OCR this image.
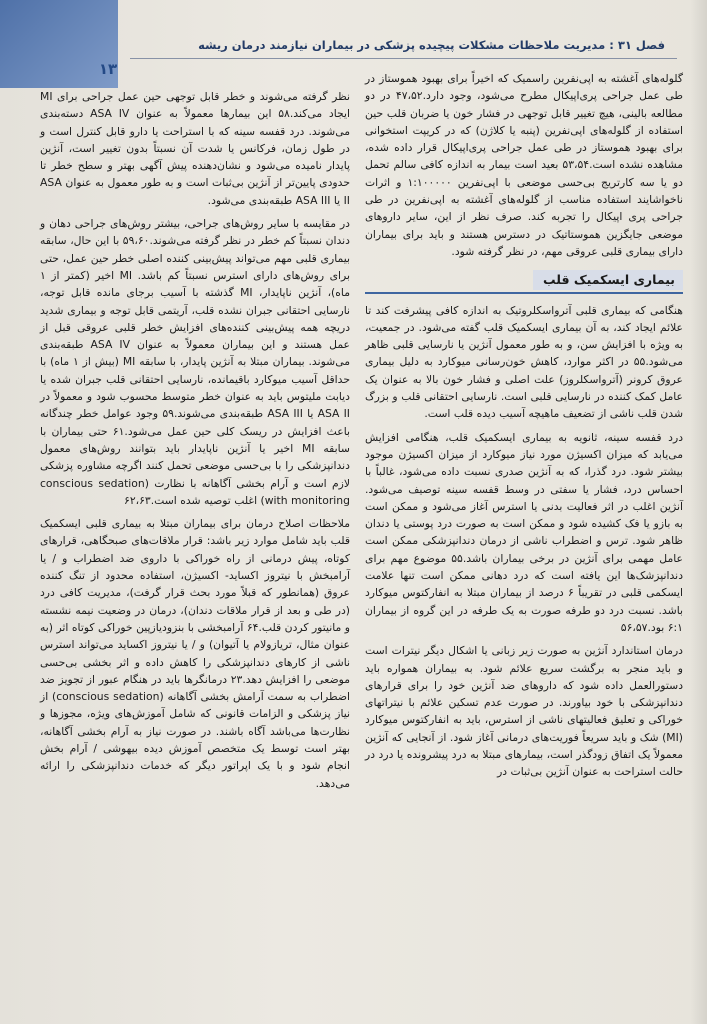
۱۳
فصل ۳۱ : مدیریت ملاحظات مشکلات پیچیده پزشکی در بیماران نیازمند درمان ریشه

گلوله‌های آغشته به اپی‌نفرین راسمیک که اخیراً برای بهبود هموستاز در طی عمل جراحی پری‌اپیکال مطرح می‌شود، وجود دارد.۴۷،۵۲ در دو مطالعه بالینی، هیچ تغییر قابل توجهی در فشار خون یا ضربان قلب حین استفاده از گلوله‌های اپی‌نفرین (پنبه یا کلاژن) که در کریپت استخوانی برای بهبود هموستاز در طی عمل جراحی پری‌اپیکال قرار داده شده، مشاهده نشده است.۵۳،۵۴ بعید است بیمار به اندازه کافی سالم تحمل دو یا سه کارتریج بی‌حسی موضعی با اپی‌نفرین ۱:۱۰۰۰۰۰ و اثرات ناخواشایند استفاده مناسب از گلوله‌های آغشته به اپی‌نفرین در طی جراحی پری اپیکال را تجربه کند. صرف نظر از این، سایر داروهای موضعی جایگزین هموستاتیک در دسترس هستند و باید برای بیماران دارای بیماری قلبی عروقی مهم، در نظر گرفته شود.

بیماری ایسکمیک قلب

هنگامی که بیماری قلبی آترواسکلروتیک به اندازه کافی پیشرفت کند تا علائم ایجاد کند، به آن بیماری ایسکمیک قلب گفته می‌شود. در جمعیت، به ویژه با افزایش سن، و به طور معمول آنژین یا نارسایی قلبی ظاهر می‌شود.۵۵ در اکثر موارد، کاهش خون‌رسانی میوکارد به دلیل بیماری عروق کرونر (آترواسکلروز) علت اصلی و فشار خون بالا به عنوان یک عامل کمک کننده در نارسایی قلبی است. نارسایی احتقانی قلب و بزرگ شدن قلب ناشی از تضعیف ماهیچه آسیب دیده قلب است.

درد قفسه سینه، ثانویه به بیماری ایسکمیک قلب، هنگامی افزایش می‌یابد که میزان اکسیژن مورد نیاز میوکارد از میزان اکسیژن موجود بیشتر شود. درد گذرا، که به آنژین صدری نسبت داده می‌شود، غالباً با احساس درد، فشار یا سفتی در وسط قفسه سینه توصیف می‌شود. آنژین اغلب در اثر فعالیت بدنی یا استرس آغاز می‌شود و ممکن است به بازو یا فک کشیده شود و ممکن است به صورت درد پوستی یا دندان ظاهر شود. ترس و اضطراب ناشی از درمان دندانپزشکی ممکن است عامل مهمی برای آنژین در برخی بیماران باشد.۵۵ موضوع مهم برای دندانپزشک‌ها این یافته است که درد دهانی ممکن است تنها علامت ایسکمی قلبی در تقریباً ۶ درصد از بیماران مبتلا به انفارکتوس میوکارد باشد. نسبت درد دو طرفه صورت به یک طرفه در این گروه از بیماران ۶:۱ بود.۵۶،۵۷

درمان استاندارد آنژین به صورت زیر زبانی یا اشکال دیگر نیترات است و باید منجر به برگشت سریع علائم شود. به بیماران همواره باید دستورالعمل داده شود که داروهای ضد آنژین خود را برای قرارهای دندانپزشکی با خود بیاورند. در صورت عدم تسکین علائم با نیتراتهای خوراکی و تعلیق فعالیتهای ناشی از استرس، باید به انفارکتوس میوکارد (MI) شک و باید سریعاً فوریت‌های درمانی آغاز شود. از آنجایی که آنژین معمولاً یک اتفاق زودگذر است، بیمارهای مبتلا به درد پیشرونده یا درد در حالت استراحت به عنوان آنژین بی‌ثبات در

نظر گرفته می‌شوند و خطر قابل توجهی حین عمل جراحی برای MI ایجاد می‌کند.۵۸ این بیمارها معمولاً به عنوان ASA IV دسته‌بندی می‌شوند. درد قفسه سینه که با استراحت یا دارو قابل کنترل است و در طول زمان، فرکانس یا شدت آن نسبتاً بدون تغییر است، آنژین پایدار نامیده می‌شود و نشان‌دهنده پیش آگهی بهتر و سطح خطر تا حدودی پایین‌تر از آنژین بی‌ثبات است و به طور معمول به عنوان ASA II یا ASA III طبقه‌بندی می‌شود.

در مقایسه با سایر روش‌های جراحی، بیشتر روش‌های جراحی دهان و دندان نسبتاً کم خطر در نظر گرفته می‌شوند.۵۹،۶۰ با این حال، سابقه بیماری قلبی مهم می‌تواند پیش‌بینی کننده اصلی خطر حین عمل، حتی برای روش‌های دارای استرس نسبتاً کم باشد. MI اخیر (کمتر از ۱ ماه)، آنژین ناپایدار، MI گذشته با آسیب برجای مانده قابل توجه، نارسایی احتقانی جبران نشده قلب، آریتمی قابل توجه و بیماری شدید دریچه همه پیش‌بینی کننده‌های افزایش خطر قلبی عروقی قبل از عمل هستند و این بیماران معمولاً به عنوان ASA IV طبقه‌بندی می‌شوند. بیماران مبتلا به آنژین پایدار، با سابقه MI (بیش از ۱ ماه) با حداقل آسیب میوکارد باقیمانده، نارسایی احتقانی قلب جبران شده یا دیابت ملیتوس باید به عنوان خطر متوسط محسوب شود و معمولاً در ASA II یا ASA III طبقه‌بندی می‌شوند.۵۹ وجود عوامل خطر چندگانه باعث افزایش در ریسک کلی حین عمل می‌شود.۶۱ حتی بیماران با سابقه MI اخیر یا آنژین ناپایدار باید بتوانند روش‌های معمول دندانپزشکی را با بی‌حسی موضعی تحمل کنند اگرچه مشاوره پزشکی لازم است و آرام بخشی آگاهانه با نظارت (conscious sedation with monitoring) اغلب توصیه شده است.۶۲،۶۳

ملاحظات اصلاح درمان برای بیماران مبتلا به بیماری قلبی ایسکمیک قلب باید شامل موارد زیر باشد: قرار ملاقات‌های صبحگاهی، قرارهای کوتاه، پیش درمانی از راه خوراکی با داروی ضد اضطراب و / یا آرامبخش با نیتروز اکساید- اکسیژن، استفاده محدود از تنگ کننده عروق (همانطور که قبلاً مورد بحث قرار گرفت)، مدیریت کافی درد (در طی و بعد از قرار ملاقات دندان)، درمان در وضعیت نیمه نشسته و مانیتور کردن قلب.۶۴ آرامبخشی با بنزودیازپین خوراکی کوتاه اثر (به عنوان مثال، تریازولام یا آتیوان) و / یا نیتروز اکساید می‌تواند استرس ناشی از کارهای دندانپزشکی را کاهش داده و اثر بخشی بی‌حسی موضعی را افزایش دهد.۲۳ درمانگرها باید در هنگام عبور از تجویز ضد اضطراب به سمت آرامش بخشی آگاهانه (conscious sedation) از نیاز پزشکی و الزامات قانونی که شامل آموزش‌های ویژه، مجوزها و نظارت‌ها می‌باشد آگاه باشند. در صورت نیاز به آرام بخشی آگاهانه، بهتر است توسط یک متخصص آموزش دیده بیهوشی / آرام بخش انجام شود و با یک اپراتور دیگر که خدمات دندانپزشکی را ارائه می‌دهد.
